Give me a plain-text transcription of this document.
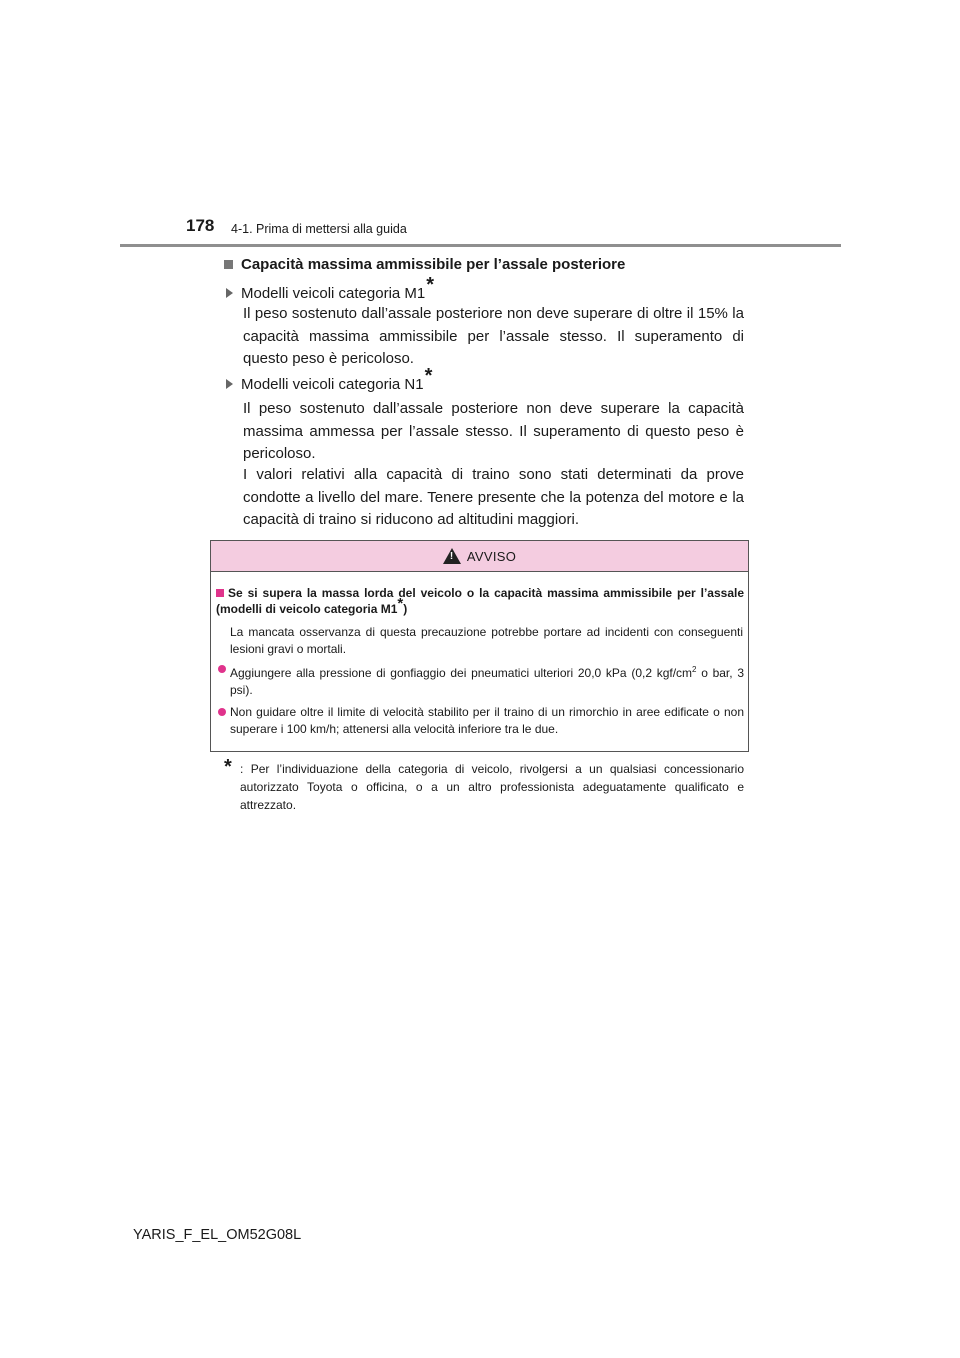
178 4-1. Prima di mettersi alla guida
Capacità massima ammissibile per l’assale posteriore
Modelli veicoli categoria M1 *
Il peso sostenuto dall’assale posteriore non deve superare di oltre il 15% la capacità massima ammissibile per l’assale stesso. Il superamento di questo peso è pericoloso.
Modelli veicoli categoria N1 *
Il peso sostenuto dall’assale posteriore non deve superare la capacità massima ammessa per l’assale stesso. Il superamento di questo peso è pericoloso.
I valori relativi alla capacità di traino sono stati determinati da prove condotte a livello del mare. Tenere presente che la potenza del motore e la capacità di traino si riducono ad altitudini maggiori.
!
AVVISO
Se si supera la massa lorda del veicolo o la capacità massima ammissibile per l’assale (modelli di veicolo categoria M1*)
La mancata osservanza di questa precauzione potrebbe portare ad incidenti con conseguenti lesioni gravi o mortali.
Aggiungere alla pressione di gonfiaggio dei pneumatici ulteriori 20,0 kPa (0,2 kgf/$cm^2$ o bar, 3 psi).
Non guidare oltre il limite di velocità stabilito per il traino di un rimorchio in aree edificate o non superare i 100 km/h; attenersi alla velocità inferiore tra le due.
* : Per l’individuazione della categoria di veicolo, rivolgersi a un qualsiasi concessionario autorizzato Toyota o officina, o a un altro professionista adeguatamente qualificato e attrezzato.
YARIS_F_EL_OM52G08L
